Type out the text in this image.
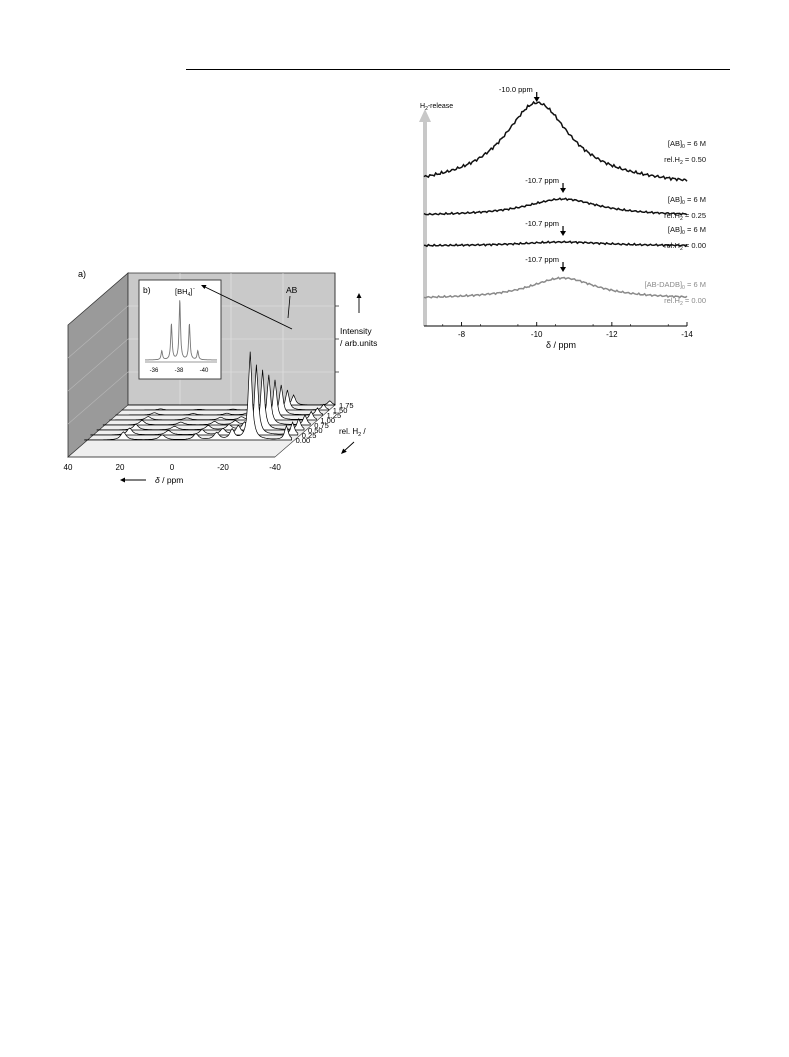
40	20	0	-20	-40
δ / ppm
1.75
1.50
1.25
1.00
0.75
0.50
0.25
0.00
rel. $H_2$ /
Intensity
/ arb.units
a)
AB
b)	$[BH_4]$ -
-36	-38	-40
$H_2$-release
-10.0 ppm
$[AB]_0 = 6$ M
$rel.H_2 = 0.50$
-10.7 ppm
$[AB]_0 = 6$ M
$rel.H_2 = 0.25$
-10.7 ppm
$[AB]_0 = 6$ M
$rel.H_2 = 0.00$
-10.7 ppm
$[AB-DADB]_0 = 6$ M
$rel.H_2 = 0.00$
-8	-10	-12	-14
δ / ppm
